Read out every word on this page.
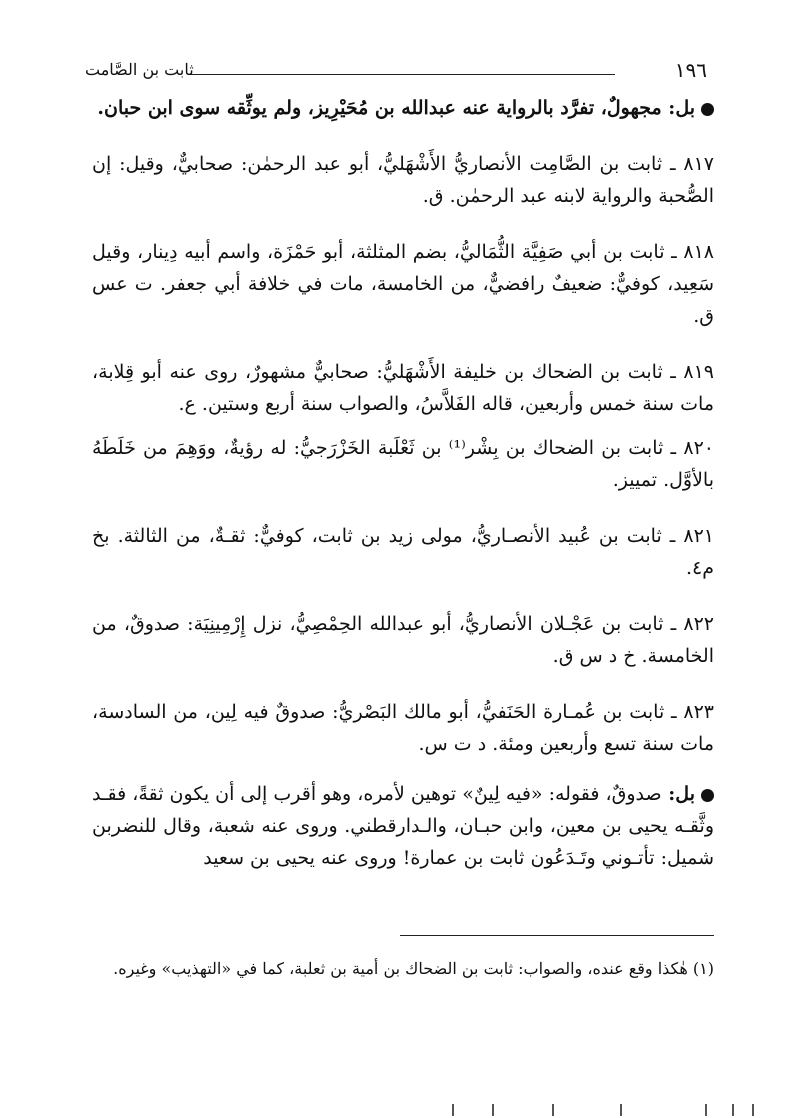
١٩٦
ثابت بن الصَّامت

بل: مجهولٌ، تفرَّد بالرواية عنه عبدالله بن مُحَيْرِيز، ولم يوثِّقه سوى ابن حبان.

٨١٧ ـ ثابت بن الصَّامِت الأنصاريُّ الأَشْهَليُّ، أبو عبد الرحمٰن: صحابيٌّ، وقيل: إن الصُّحبة والرواية لابنه عبد الرحمٰن. ق.

٨١٨ ـ ثابت بن أبي صَفِيَّة الثُّمَاليُّ، بضم المثلثة، أبو حَمْزَة، واسم أبيه دِينار، وقيل سَعِيد، كوفيٌّ: ضعيفٌ رافضيٌّ، من الخامسة، مات في خلافة أبي جعفر. ت عس ق.

٨١٩ ـ ثابت بن الضحاك بن خليفة الأَشْهَليُّ: صحابيٌّ مشهورٌ، روى عنه أبو قِلابة، مات سنة خمس وأربعين، قاله الفَلاَّسُ، والصواب سنة أربع وستين. ع.

٨٢٠ ـ ثابت بن الضحاك بن بِشْر⁽¹⁾ بن ثَعْلَبة الخَزْرَجيُّ: له رؤيةٌ، ووَهِمَ من خَلَطَهُ بالأوَّل. تمييز.

٨٢١ ـ ثابت بن عُبيد الأنصـاريُّ، مولى زيد بن ثابت، كوفيٌّ: ثقـةٌ، من الثالثة. بخ م٤.

٨٢٢ ـ ثابت بن عَجْـلان الأنصاريُّ، أبو عبدالله الحِمْصِيُّ، نزل إِرْمِينِيَة: صدوقٌ، من الخامسة. خ د س ق.

٨٢٣ ـ ثابت بن عُمـارة الحَنَفيُّ، أبو مالك البَصْريُّ: صدوقٌ فيه لِين، من السادسة، مات سنة تسع وأربعين ومئة. د ت س.

بل: صدوقٌ، فقوله: «فيه لِينٌ» توهين لأمره، وهو أقرب إلى أن يكون ثقةً، فقـد وثَّقـه يحيى بن معين، وابن حبـان، والـدارقطني. وروى عنه شعبة، وقال للنضربن شميل: تأتـوني وتَـدَعُون ثابت بن عمارة! وروى عنه يحيى بن سعيد

(١) هٰكذا وقع عنده، والصواب: ثابت بن الضحاك بن أمية بن ثعلبة، كما في «التهذيب» وغيره.
